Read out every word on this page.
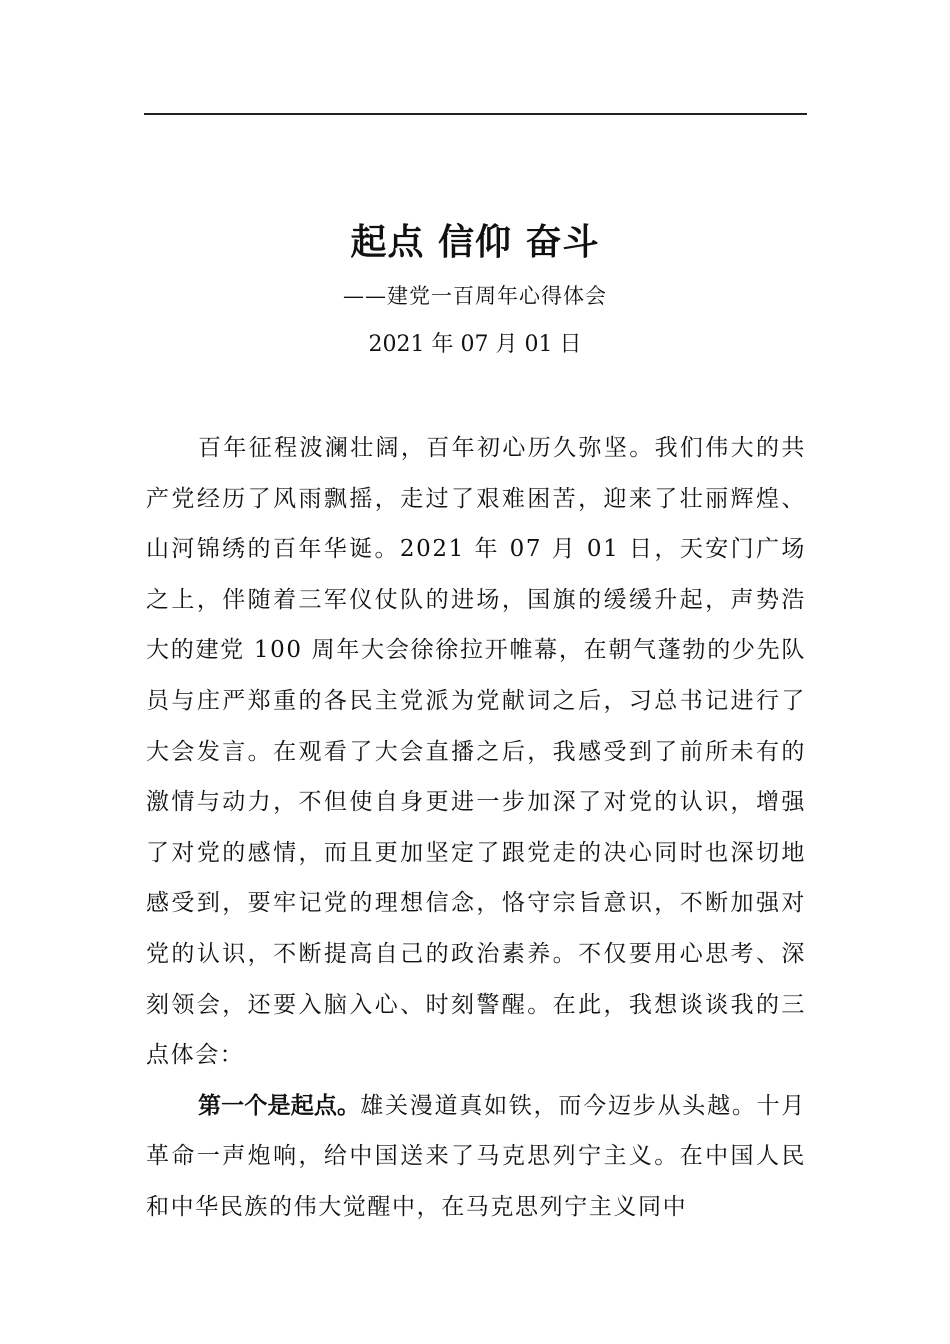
起点 信仰 奋斗
——建党一百周年心得体会
2021 年 07 月 01 日

百年征程波澜壮阔，百年初心历久弥坚。我们伟大的共产党经历了风雨飘摇，走过了艰难困苦，迎来了壮丽辉煌、山河锦绣的百年华诞。2021 年 07 月 01 日，天安门广场之上，伴随着三军仪仗队的进场，国旗的缓缓升起，声势浩大的建党 100 周年大会徐徐拉开帷幕，在朝气蓬勃的少先队员与庄严郑重的各民主党派为党献词之后，习总书记进行了大会发言。在观看了大会直播之后，我感受到了前所未有的激情与动力，不但使自身更进一步加深了对党的认识，增强了对党的感情，而且更加坚定了跟党走的决心同时也深切地感受到，要牢记党的理想信念，恪守宗旨意识，不断加强对党的认识，不断提高自己的政治素养。不仅要用心思考、深刻领会，还要入脑入心、时刻警醒。在此，我想谈谈我的三点体会：

第一个是起点。雄关漫道真如铁，而今迈步从头越。十月革命一声炮响，给中国送来了马克思列宁主义。在中国人民和中华民族的伟大觉醒中，在马克思列宁主义同中
